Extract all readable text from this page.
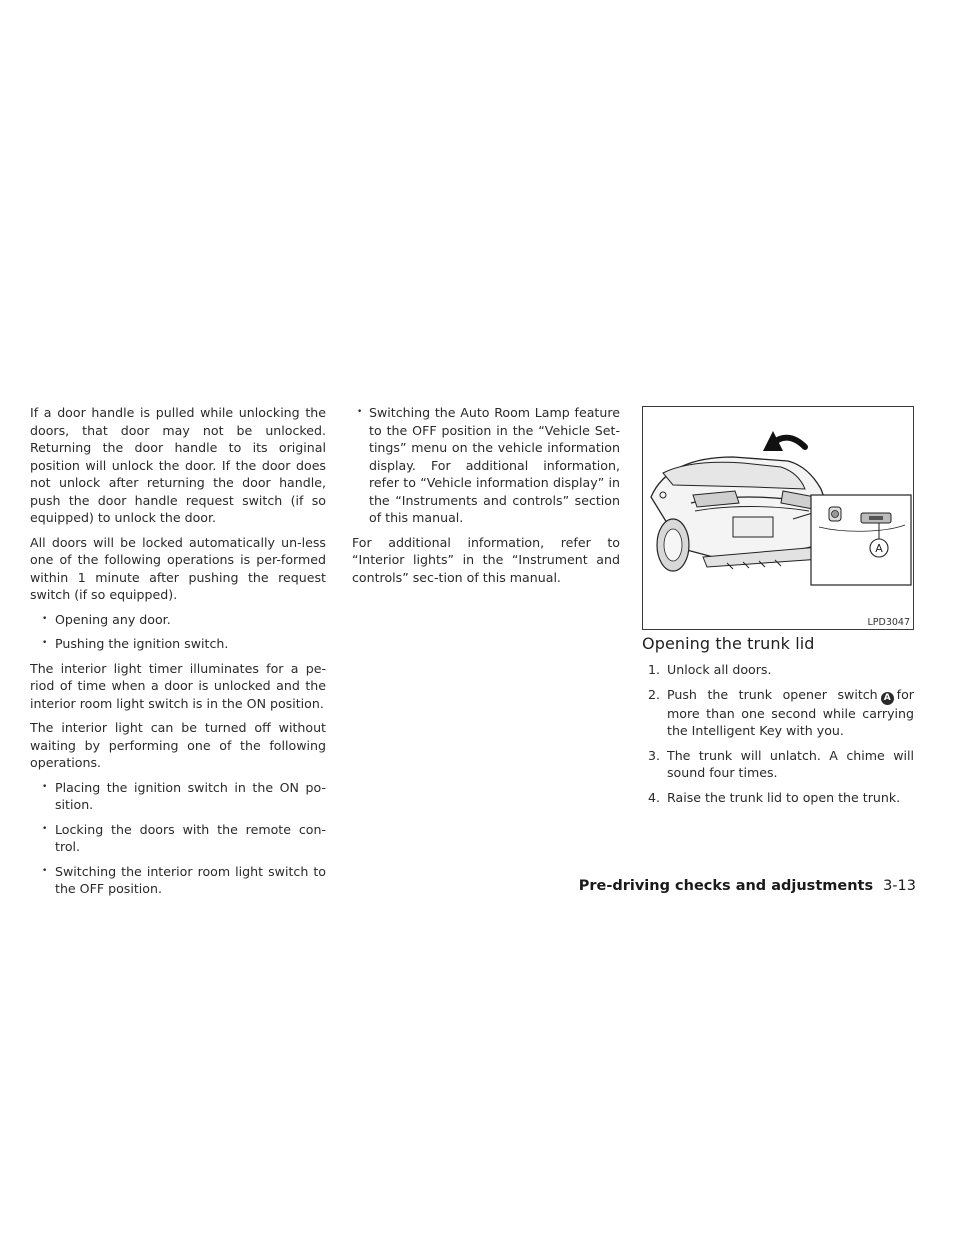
If a door handle is pulled while unlocking the doors, that door may not be unlocked. Returning the door handle to its original position will unlock the door. If the door does not unlock after returning the door handle, push the door handle request switch (if so equipped) to unlock the door.

All doors will be locked automatically un-less one of the following operations is per-formed within 1 minute after pushing the request switch (if so equipped).

• Opening any door.
• Pushing the ignition switch.

The interior light timer illuminates for a pe-riod of time when a door is unlocked and the interior room light switch is in the ON position.

The interior light can be turned off without waiting by performing one of the following operations.

• Placing the ignition switch in the ON po-sition.
• Locking the doors with the remote con-trol.
• Switching the interior room light switch to the OFF position.
• Switching the Auto Room Lamp feature to the OFF position in the “Vehicle Set-tings” menu on the vehicle information display. For additional information, refer to “Vehicle information display” in the “Instruments and controls” section of this manual.

For additional information, refer to “Interior lights” in the “Instrument and controls” sec-tion of this manual.

A
LPD3047
Opening the trunk lid
1. Unlock all doors.
2. Push the trunk opener switch A for more than one second while carrying the Intelligent Key with you.
3. The trunk will unlatch. A chime will sound four times.
4. Raise the trunk lid to open the trunk.
Pre-driving checks and adjustments 3-13
